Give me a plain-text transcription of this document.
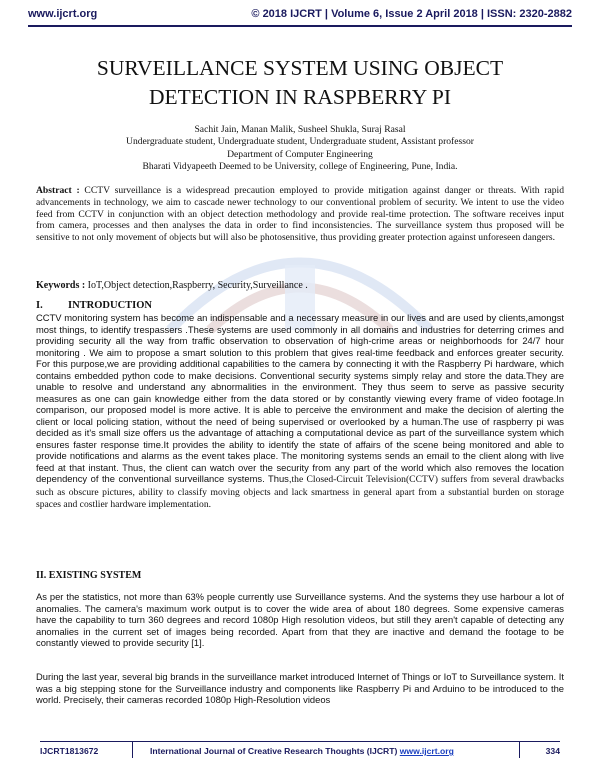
www.ijcrt.org	© 2018 IJCRT | Volume 6, Issue 2 April 2018 | ISSN: 2320-2882
SURVEILLANCE SYSTEM USING OBJECT
DETECTION IN RASPBERRY PI
Sachit Jain, Manan Malik, Susheel Shukla, Suraj Rasal
Undergraduate student, Undergraduate student, Undergraduate student, Assistant professor
Department of Computer Engineering
Bharati Vidyapeeth Deemed to be University, college of Engineering, Pune, India.
Abstract : CCTV surveillance is a widespread precaution employed to provide mitigation against danger or threats. With rapid advancements in technology, we aim to cascade newer technology to our conventional problem of security. We intent to use the video feed from CCTV in conjunction with an object detection methodology and provide real-time protection. The software receives input from camera, processes and then analyses the data in order to find inconsistencies. The surveillance system thus proposed will be sensitive to not only movement of objects but will also be photosensitive, thus providing greater protection against unforeseen dangers.
Keywords : IoT,Object detection,Raspberry, Security,Surveillance .
I. INTRODUCTION
CCTV monitoring system has become an indispensable and a necessary measure in our lives and are used by clients,amongst most things, to identify trespassers .These systems are used commonly in all domains and industries for deterring crimes and providing security all the way from traffic observation to observation of high-crime areas or neighborhoods for 24/7 hour monitoring . We aim to propose a smart solution to this problem that gives real-time feedback and enforces greater security. For this purpose,we are providing additional capabilities to the camera by connecting it with the Raspberry Pi hardware, which contains embedded python code to make decisions. Conventional security systems simply relay and store the data.They are unable to resolve and understand any abnormalities in the environment. They thus seem to serve as passive security measures as one can gain knowledge either from the data stored or by constantly viewing every frame of video footage.In comparison, our proposed model is more active. It is able to perceive the environment and make the decision of alerting the client or local policing station, without the need of being supervised or overlooked by a human.The use of raspberry pi was decided as it's small size offers us the advantage of attaching a computational device as part of the surveillance system which ensures faster response time.It provides the ability to identify the state of affairs of the scene being monitored and able to provide notifications and alarms as the event takes place. The monitoring systems sends an email to the client along with live feed at that instant. Thus, the client can watch over the security from any part of the world which also removes the location dependency of the conventional surveillance systems. Thus,the Closed-Circuit Television(CCTV) suffers from several drawbacks such as obscure pictures, ability to classify moving objects and lack smartness in general apart from a substantial burden on storage spaces and costlier hardware implementation.
II. EXISTING SYSTEM
As per the statistics, not more than 63% people currently use Surveillance systems. And the systems they use harbour a lot of anomalies. The camera's maximum work output is to cover the wide area of about 180 degrees. Some expensive cameras have the capability to turn 360 degrees and record 1080p High resolution videos, but still they aren't capable of detecting any anomalies in the current set of images being recorded. Apart from that they are inactive and demand the footage to be constantly viewed to provide security [1].
During the last year, several big brands in the surveillance market introduced Internet of Things or IoT to Surveillance system. It was a big stepping stone for the Surveillance industry and components like Raspberry Pi and Arduino to be introduced to the world. Precisely, their cameras recorded 1080p High-Resolution videos
IJCRT1813672	International Journal of Creative Research Thoughts (IJCRT) www.ijcrt.org	334
